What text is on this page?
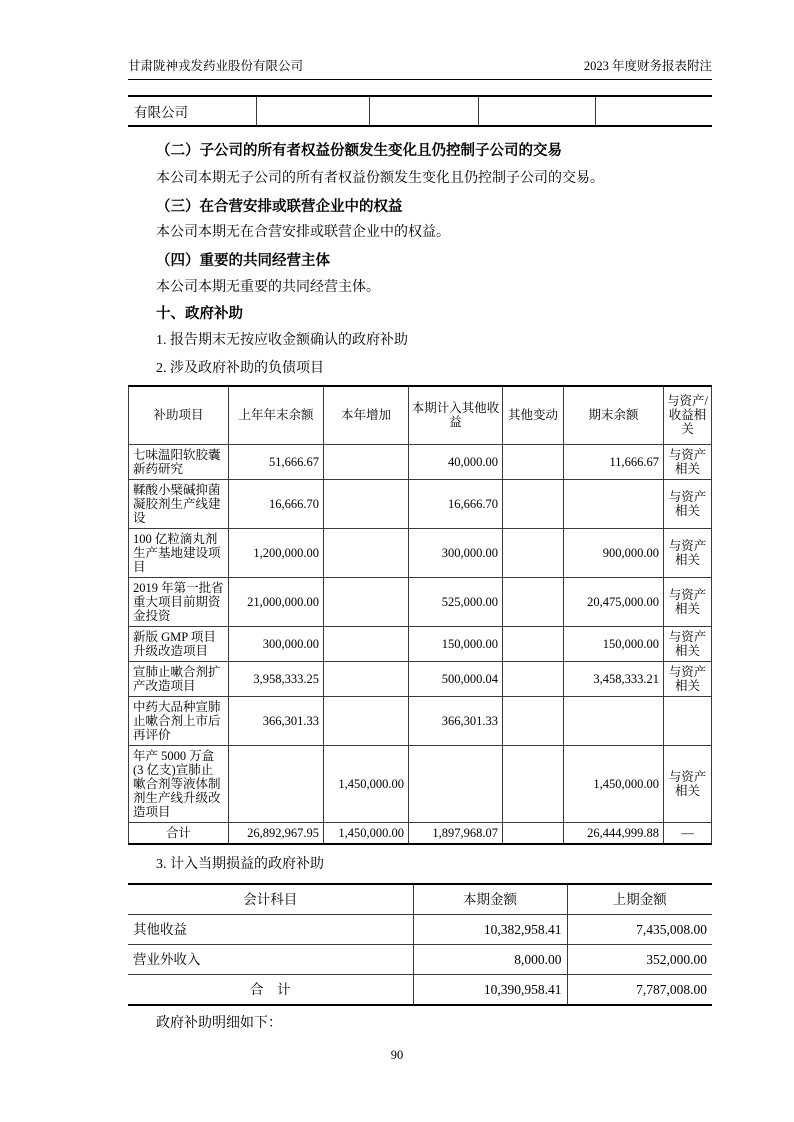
甘肃陇神戎发药业股份有限公司	2023 年度财务报表附注
有限公司				
（二）子公司的所有者权益份额发生变化且仍控制子公司的交易
本公司本期无子公司的所有者权益份额发生变化且仍控制子公司的交易。
（三）在合营安排或联营企业中的权益
本公司本期无在合营安排或联营企业中的权益。
（四）重要的共同经营主体
本公司本期无重要的共同经营主体。
十、政府补助
1. 报告期末无按应收金额确认的政府补助
2. 涉及政府补助的负债项目
补助项目	上年年末余额	本年增加	本期计入其他收益	其他变动	期末余额	与资产/收益相关
七味温阳软胶囊新药研究	51,666.67		40,000.00		11,666.67	与资产相关
鞣酸小檗碱抑菌凝胶剂生产线建设	16,666.70		16,666.70			与资产相关
100 亿粒滴丸剂生产基地建设项目	1,200,000.00		300,000.00		900,000.00	与资产相关
2019 年第一批省重大项目前期资金投资	21,000,000.00		525,000.00		20,475,000.00	与资产相关
新版 GMP 项目升级改造项目	300,000.00		150,000.00		150,000.00	与资产相关
宣肺止嗽合剂扩产改造项目	3,958,333.25		500,000.04		3,458,333.21	与资产相关
中药大品种宣肺止嗽合剂上市后再评价	366,301.33		366,301.33			
年产 5000 万盒(3 亿支)宣肺止嗽合剂等液体制剂生产线升级改造项目		1,450,000.00			1,450,000.00	与资产相关
合计	26,892,967.95	1,450,000.00	1,897,968.07		26,444,999.88	—
3. 计入当期损益的政府补助
会计科目	本期金额	上期金额
其他收益	10,382,958.41	7,435,008.00
营业外收入	8,000.00	352,000.00
合　计	10,390,958.41	7,787,008.00
政府补助明细如下：
90
